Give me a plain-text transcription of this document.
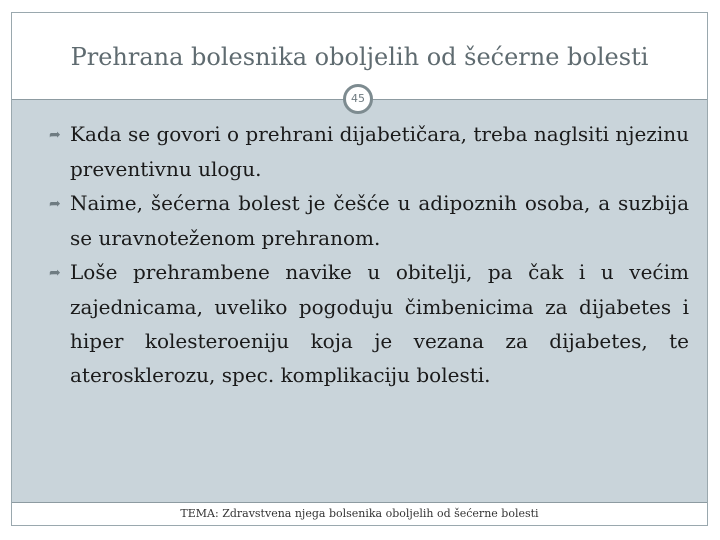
Prehrana bolesnika oboljelih od šećerne bolesti
45

➦ Kada se govori o prehrani dijabetičara, treba naglsiti njezinu preventivnu ulogu.

➦ Naime, šećerna bolest je češće u adipoznih osoba, a suzbija se uravnoteženom prehranom.

➦ Loše prehrambene navike u obitelji, pa čak i u većim zajednicama, uveliko pogoduju čimbenicima za dijabetes i hiper kolesteroeniju koja je vezana za dijabetes, te aterosklerozu, spec. komplikaciju bolesti.

TEMA: Zdravstvena njega bolsenika oboljelih od šećerne bolesti
